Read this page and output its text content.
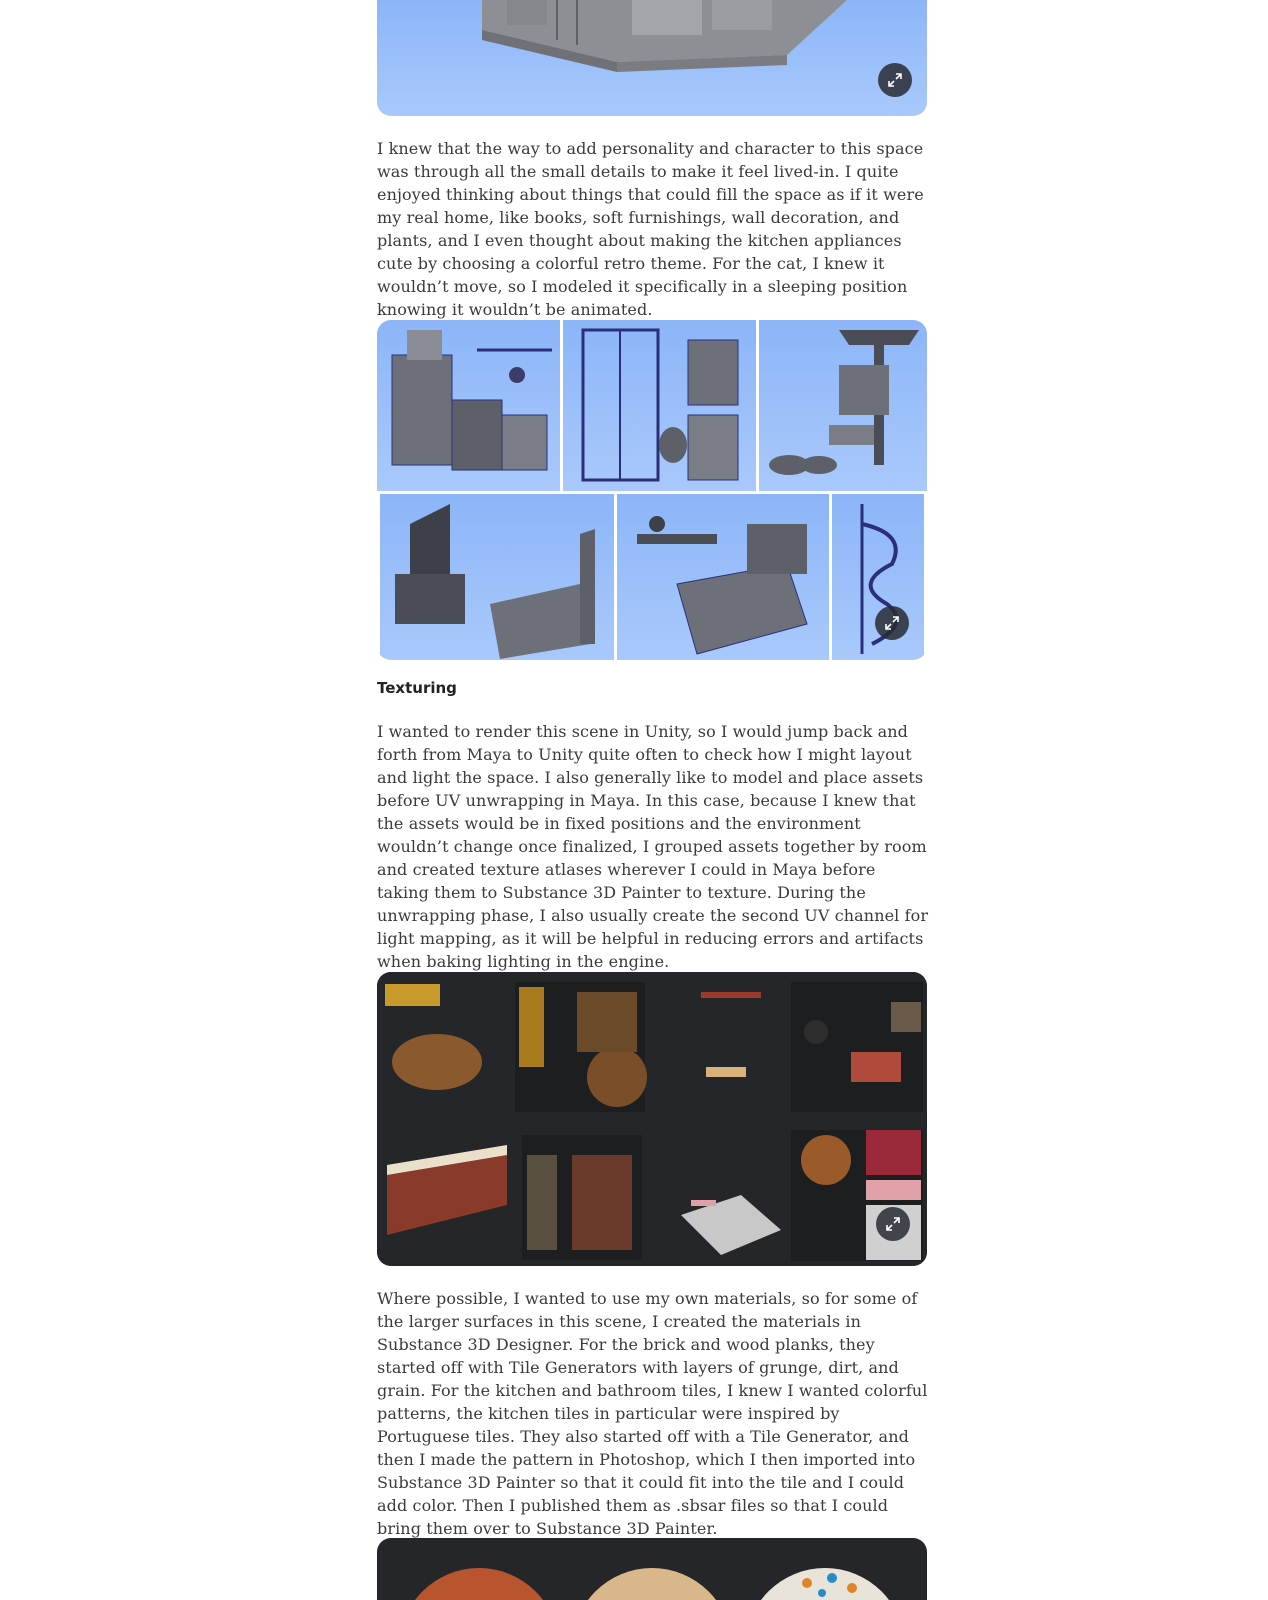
I knew that the way to add personality and character to this space was through all the small details to make it feel lived-in. I quite enjoyed thinking about things that could fill the space as if it were my real home, like books, soft furnishings, wall decoration, and plants, and I even thought about making the kitchen appliances cute by choosing a colorful retro theme. For the cat, I knew it wouldn’t move, so I modeled it specifically in a sleeping position knowing it wouldn’t be animated.

Texturing

I wanted to render this scene in Unity, so I would jump back and forth from Maya to Unity quite often to check how I might layout and light the space. I also generally like to model and place assets before UV unwrapping in Maya. In this case, because I knew that the assets would be in fixed positions and the environment wouldn’t change once finalized, I grouped assets together by room and created texture atlases wherever I could in Maya before taking them to Substance 3D Painter to texture. During the unwrapping phase, I also usually create the second UV channel for light mapping, as it will be helpful in reducing errors and artifacts when baking lighting in the engine.

Where possible, I wanted to use my own materials, so for some of the larger surfaces in this scene, I created the materials in Substance 3D Designer. For the brick and wood planks, they started off with Tile Generators with layers of grunge, dirt, and grain. For the kitchen and bathroom tiles, I knew I wanted colorful patterns, the kitchen tiles in particular were inspired by Portuguese tiles. They also started off with a Tile Generator, and then I made the pattern in Photoshop, which I then imported into Substance 3D Painter so that it could fit into the tile and I could add color. Then I published them as .sbsar files so that I could bring them over to Substance 3D Painter.
